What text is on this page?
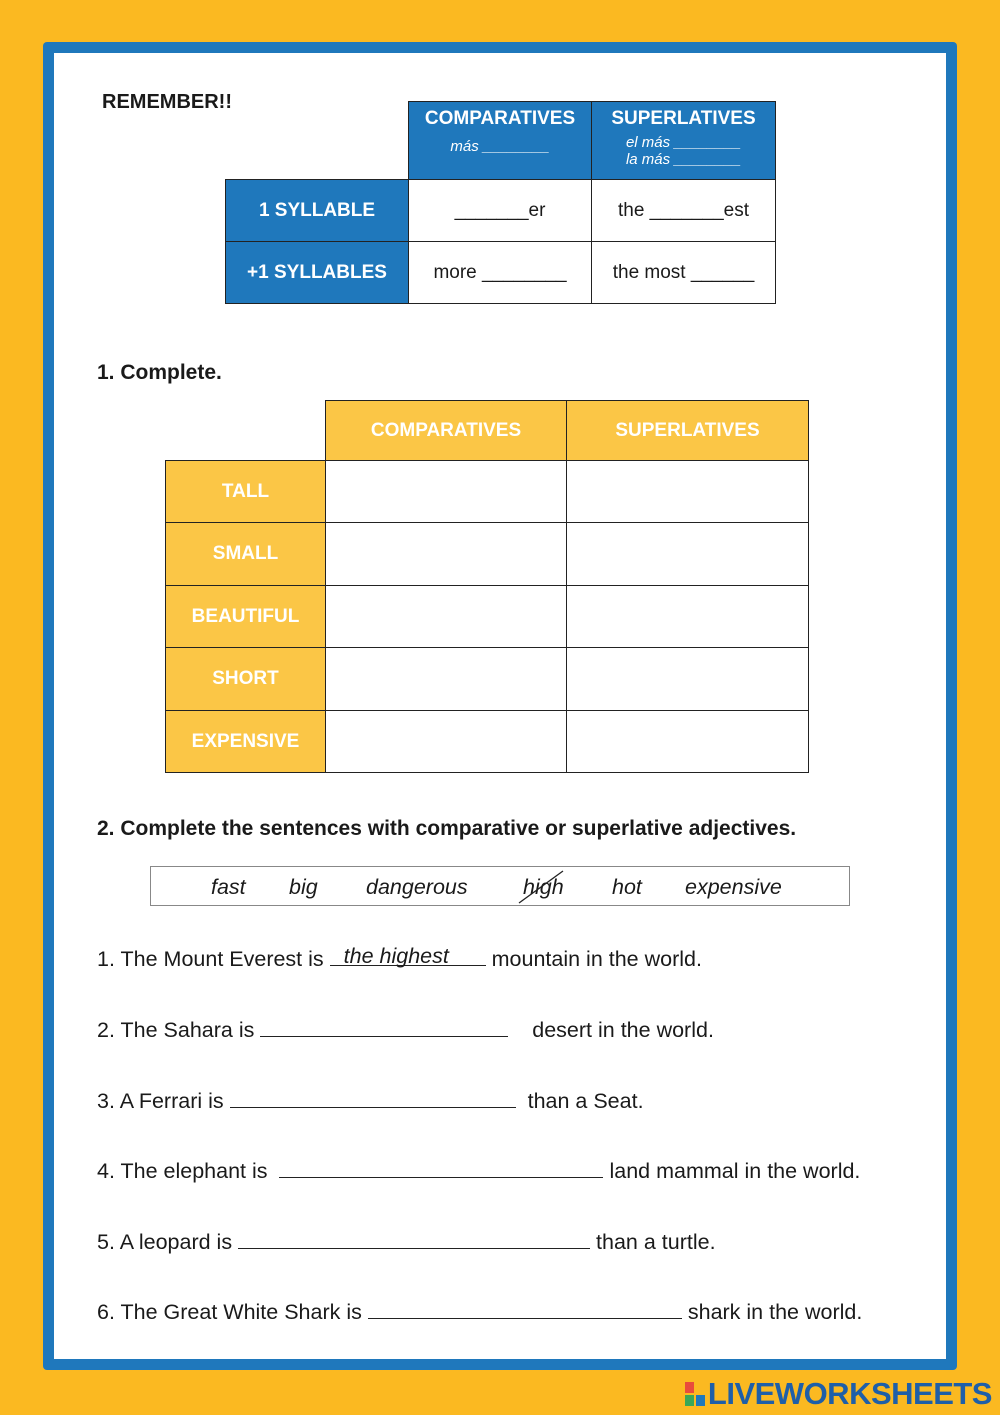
REMEMBER!!
COMPARATIVES
más ________
SUPERLATIVES
el más ________
la más ________
1 SYLLABLE	_______er	the _______est
+1 SYLLABLES	more ________	the most ______
1. Complete.
COMPARATIVES	SUPERLATIVES
TALL
SMALL
BEAUTIFUL
SHORT
EXPENSIVE
2. Complete the sentences with comparative or superlative adjectives.
fast big dangerous	high hot expensive
1. The Mount Everest is the highest mountain in the world.
2. The Sahara is	desert in the world.
3. A Ferrari is	than a Seat.
4. The elephant is	land mammal in the world.
5. A leopard is	than a turtle.
6. The Great White Shark is	shark in the world.
LIVEWORKSHEETS
